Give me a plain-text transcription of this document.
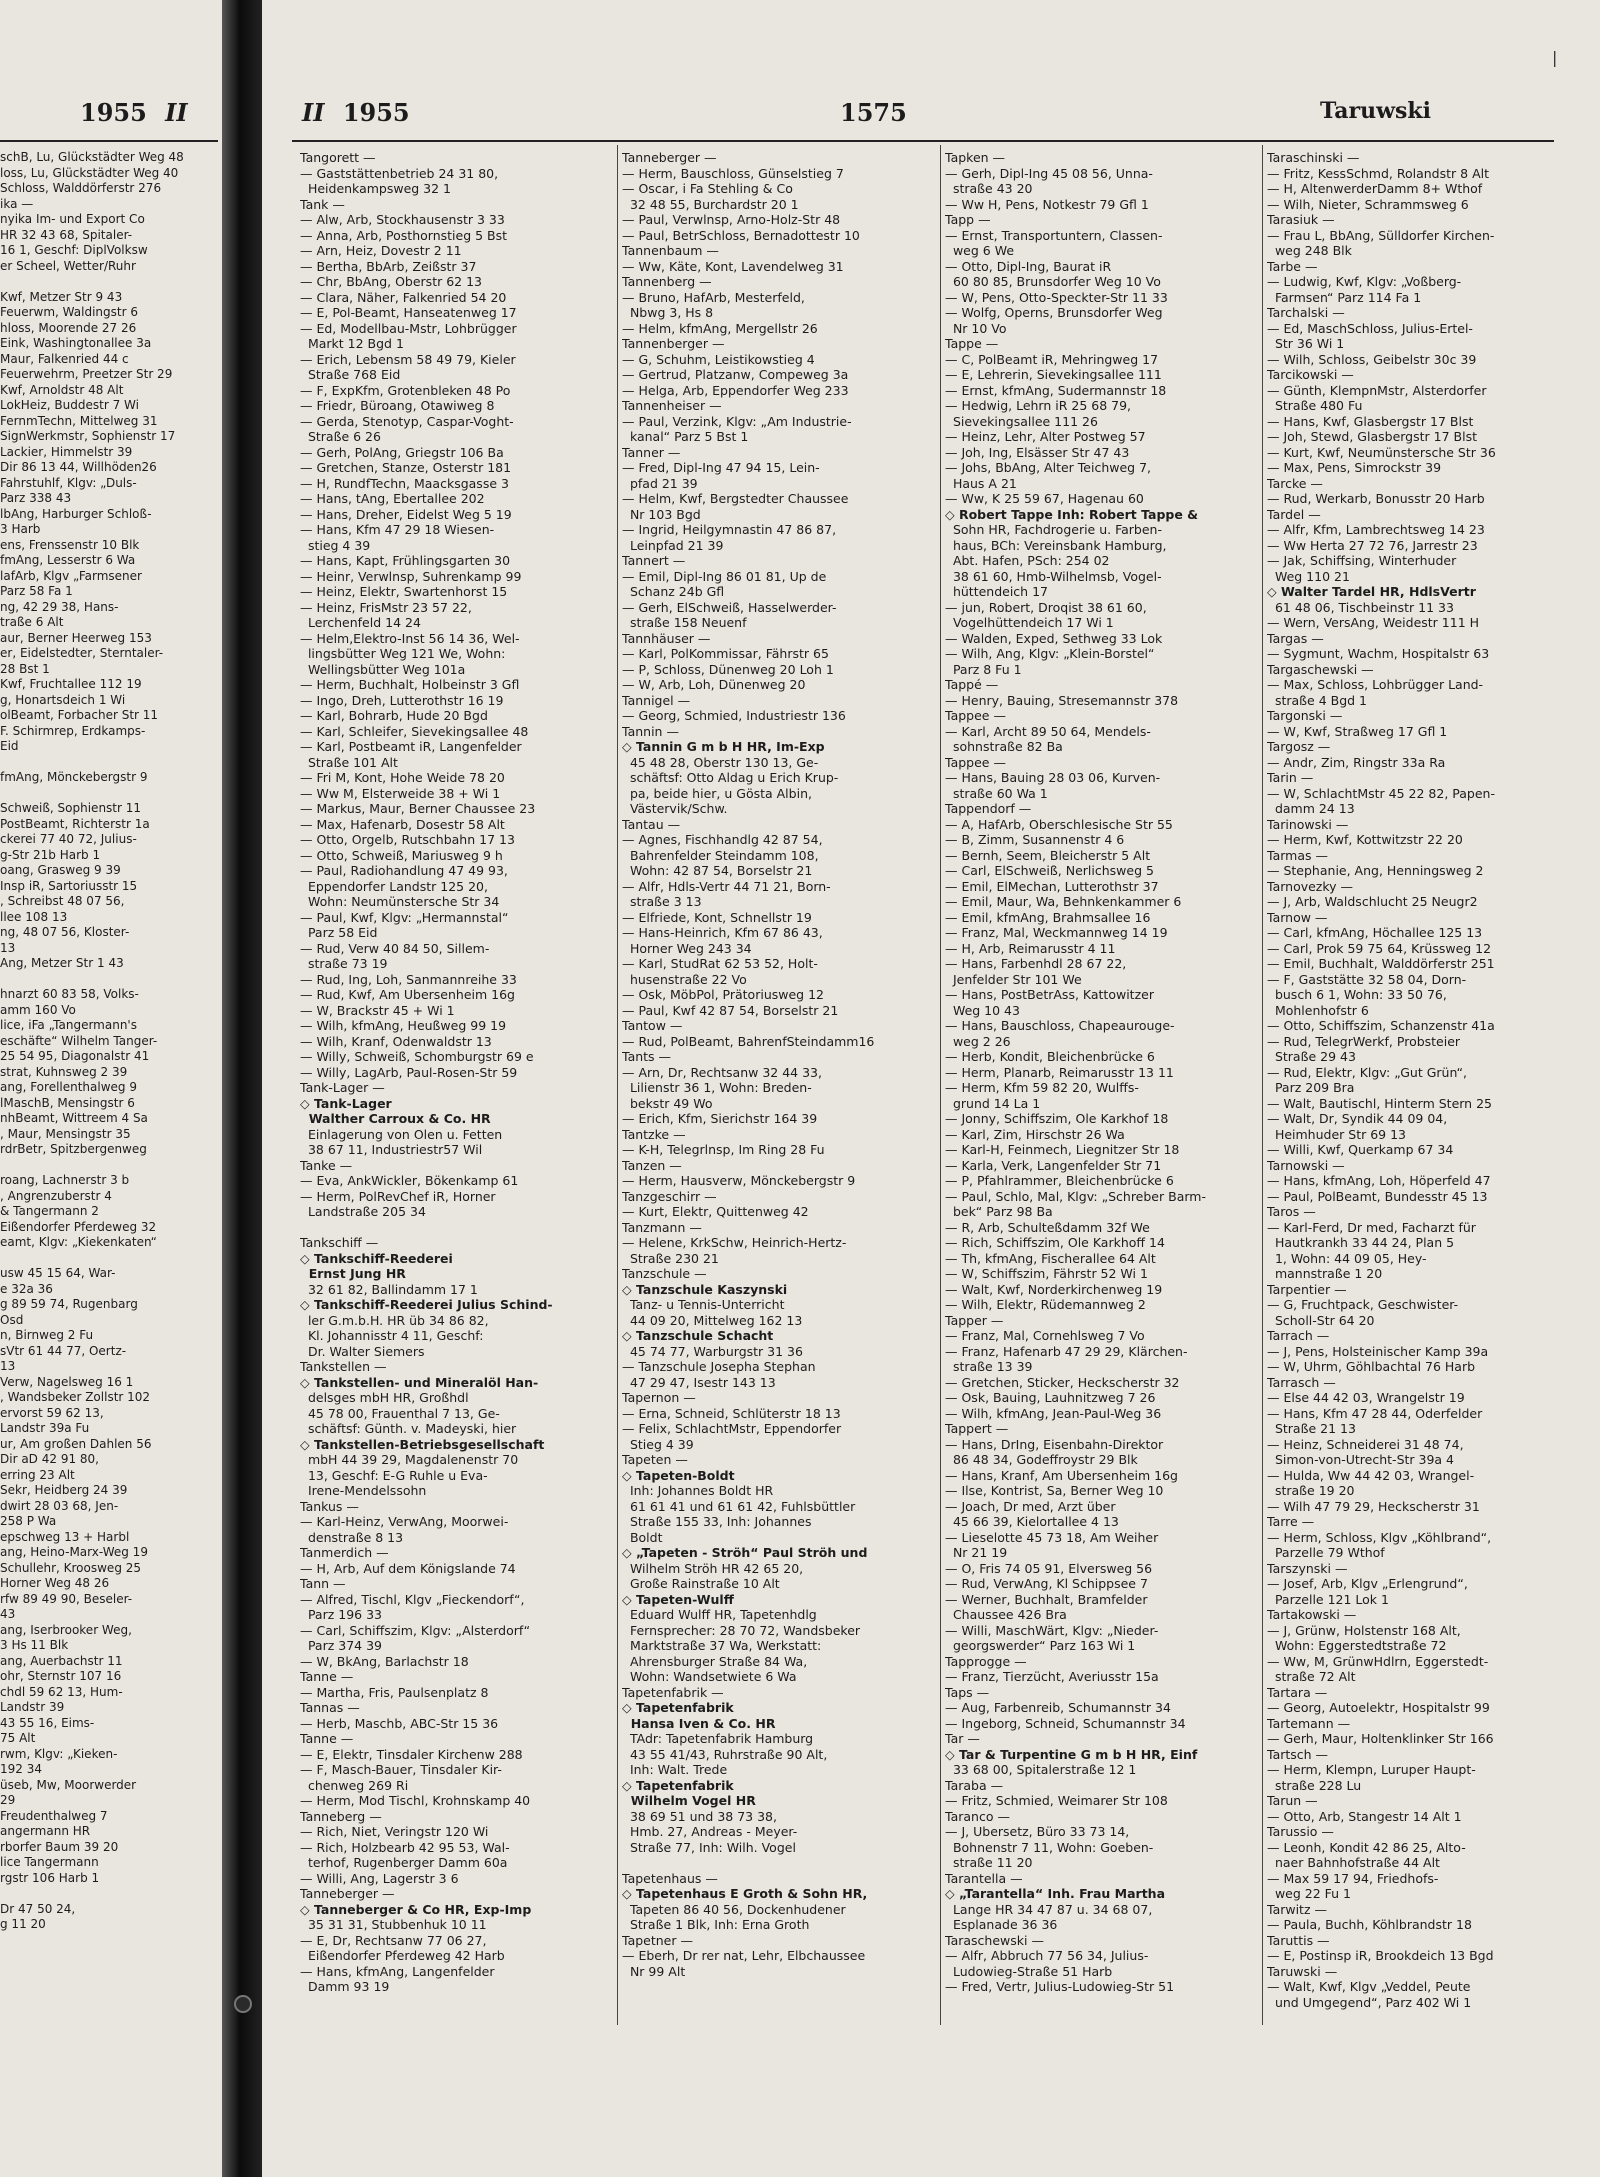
1955 II
schB, Lu, Glückstädter Weg 48
loss, Lu, Glückstädter Weg 40
Schloss, Walddörferstr 276
ika —
nyika Im- und Export Co
HR 32 43 68, Spitaler-
16 1, Geschf: DiplVolksw
er Scheel, Wetter/Ruhr
Kwf, Metzer Str 9 43
Feuerwm, Waldingstr 6
hloss, Moorende 27 26
Eink, Washingtonallee 3a
Maur, Falkenried 44 c
Feuerwehrm, Preetzer Str 29
Kwf, Arnoldstr 48 Alt
LokHeiz, Buddestr 7 Wi
FernmTechn, Mittelweg 31
SignWerkmstr, Sophienstr 17
Lackier, Himmelstr 39
Dir 86 13 44, Willhöden26
Fahrstuhlf, Klgv: „Duls-
Parz 338 43
lbAng, Harburger Schloß-
3 Harb
ens, Frenssenstr 10 Blk
fmAng, Lesserstr 6 Wa
lafArb, Klgv „Farmsener
Parz 58 Fa 1
ng, 42 29 38, Hans-
traße 6 Alt
aur, Berner Heerweg 153
er, Eidelstedter, Sterntaler-
28 Bst 1
Kwf, Fruchtallee 112 19
g, Honartsdeich 1 Wi
olBeamt, Forbacher Str 11
F. Schirmrep, Erdkamps-
Eid
fmAng, Mönckebergstr 9
Schweiß, Sophienstr 11
PostBeamt, Richterstr 1a
ckerei 77 40 72, Julius-
g-Str 21b Harb 1
oang, Grasweg 9 39
Insp iR, Sartoriusstr 15
, Schreibst 48 07 56,
llee 108 13
ng, 48 07 56, Kloster-
13
Ang, Metzer Str 1 43
hnarzt 60 83 58, Volks-
amm 160 Vo
lice, iFa „Tangermann's
eschäfte“ Wilhelm Tanger-
25 54 95, Diagonalstr 41
strat, Kuhnsweg 2 39
ang, Forellenthalweg 9
lMaschB, Mensingstr 6
nhBeamt, Wittreem 4 Sa
, Maur, Mensingstr 35
rdrBetr, Spitzbergenweg
roang, Lachnerstr 3 b
, Angrenzuberstr 4
& Tangermann 2
Eißendorfer Pferdeweg 32
eamt, Klgv: „Kiekenkaten“
usw 45 15 64, War-
e 32a 36
g 89 59 74, Rugenbarg
Osd
n, Birnweg 2 Fu
sVtr 61 44 77, Oertz-
13
Verw, Nagelsweg 16 1
, Wandsbeker Zollstr 102
ervorst 59 62 13,
Landstr 39a Fu
ur, Am großen Dahlen 56
Dir aD 42 91 80,
erring 23 Alt
Sekr, Heidberg 24 39
dwirt 28 03 68, Jen-
258 P Wa
epschweg 13 + Harbl
ang, Heino-Marx-Weg 19
Schullehr, Kroosweg 25
Horner Weg 48 26
rfw 89 49 90, Beseler-
43
ang, Iserbrooker Weg,
3 Hs 11 Blk
ang, Auerbachstr 11
ohr, Sternstr 107 16
chdl 59 62 13, Hum-
Landstr 39
43 55 16, Eims-
75 Alt
rwm, Klgv: „Kieken-
192 34
üseb, Mw, Moorwerder
29
Freudenthalweg 7
angermann HR
rborfer Baum 39 20
lice Tangermann
rgstr 106 Harb 1
Dr 47 50 24,
g 11 20
II 1955	1575	Taruwski
Tangorett —
— Gaststättenbetrieb 24 31 80,
Heidenkampsweg 32 1
Tank —
— Alw, Arb, Stockhausenstr 3 33
— Anna, Arb, Posthornstieg 5 Bst
— Arn, Heiz, Dovestr 2 11
— Bertha, BbArb, Zeißstr 37
— Chr, BbAng, Oberstr 62 13
— Clara, Näher, Falkenried 54 20
— E, Pol-Beamt, Hanseatenweg 17
— Ed, Modellbau-Mstr, Lohbrügger
Markt 12 Bgd 1
— Erich, Lebensm 58 49 79, Kieler
Straße 768 Eid
— F, ExpKfm, Grotenbleken 48 Po
— Friedr, Büroang, Otawiweg 8
— Gerda, Stenotyp, Caspar-Voght-
Straße 6 26
— Gerh, PolAng, Griegstr 106 Ba
— Gretchen, Stanze, Osterstr 181
— H, RundfTechn, Maacksgasse 3
— Hans, tAng, Ebertallee 202
— Hans, Dreher, Eidelst Weg 5 19
— Hans, Kfm 47 29 18 Wiesen-
stieg 4 39
— Hans, Kapt, Frühlingsgarten 30
— Heinr, Verwlnsp, Suhrenkamp 99
— Heinz, Elektr, Swartenhorst 15
— Heinz, FrisMstr 23 57 22,
Lerchenfeld 14 24
— Helm,Elektro-Inst 56 14 36, Wel-
lingsbütter Weg 121 We, Wohn:
Wellingsbütter Weg 101a
— Herm, Buchhalt, Holbeinstr 3 Gfl
— Ingo, Dreh, Lutterothstr 16 19
— Karl, Bohrarb, Hude 20 Bgd
— Karl, Schleifer, Sievekingsallee 48
— Karl, Postbeamt iR, Langenfelder
Straße 101 Alt
— Fri M, Kont, Hohe Weide 78 20
— Ww M, Elsterweide 38 + Wi 1
— Markus, Maur, Berner Chaussee 23
— Max, Hafenarb, Dosestr 58 Alt
— Otto, Orgelb, Rutschbahn 17 13
— Otto, Schweiß, Mariusweg 9 h
— Paul, Radiohandlung 47 49 93,
Eppendorfer Landstr 125 20,
Wohn: Neumünstersche Str 34
— Paul, Kwf, Klgv: „Hermannstal“
Parz 58 Eid
— Rud, Verw 40 84 50, Sillem-
straße 73 19
— Rud, Ing, Loh, Sanmannreihe 33
— Rud, Kwf, Am Ubersenheim 16g
— W, Brackstr 45 + Wi 1
— Wilh, kfmAng, Heußweg 99 19
— Wilh, Kranf, Odenwaldstr 13
— Willy, Schweiß, Schomburgstr 69 e
— Willy, LagArb, Paul-Rosen-Str 59
Tank-Lager —
◇ Tank-Lager
Walther Carroux & Co. HR
Einlagerung von Olen u. Fetten
38 67 11, Industriestr57 Wil
Tanke —
— Eva, AnkWickler, Bökenkamp 61
— Herm, PolRevChef iR, Horner
Landstraße 205 34
Tankschiff —
◇ Tankschiff-Reederei
Ernst Jung HR
32 61 82, Ballindamm 17 1
◇ Tankschiff-Reederei Julius Schind-
ler G.m.b.H. HR üb 34 86 82,
Kl. Johannisstr 4 11, Geschf:
Dr. Walter Siemers
Tankstellen —
◇ Tankstellen- und Mineralöl Han-
delsges mbH HR, Großhdl
45 78 00, Frauenthal 7 13, Ge-
schäftsf: Günth. v. Madeyski, hier
◇ Tankstellen-Betriebsgesellschaft
mbH 44 39 29, Magdalenenstr 70
13, Geschf: E-G Ruhle u Eva-
Irene-Mendelssohn
Tankus —
— Karl-Heinz, VerwAng, Moorwei-
denstraße 8 13
Tanmerdich —
— H, Arb, Auf dem Königslande 74
Tann —
— Alfred, Tischl, Klgv „Fieckendorf“,
Parz 196 33
— Carl, Schiffszim, Klgv: „Alsterdorf“
Parz 374 39
— W, BkAng, Barlachstr 18
Tanne —
— Martha, Fris, Paulsenplatz 8
Tannas —
— Herb, Maschb, ABC-Str 15 36
Tanne —
— E, Elektr, Tinsdaler Kirchenw 288
— F, Masch-Bauer, Tinsdaler Kir-
chenweg 269 Ri
— Herm, Mod Tischl, Krohnskamp 40
Tanneberg —
— Rich, Niet, Veringstr 120 Wi
— Rich, Holzbearb 42 95 53, Wal-
terhof, Rugenberger Damm 60a
— Willi, Ang, Lagerstr 3 6
Tanneberger —
◇ Tanneberger & Co HR, Exp-Imp
35 31 31, Stubbenhuk 10 11
— E, Dr, Rechtsanw 77 06 27,
Eißendorfer Pferdeweg 42 Harb
— Hans, kfmAng, Langenfelder
Damm 93 19
Tanneberger —
— Herm, Bauschloss, Günselstieg 7
— Oscar, i Fa Stehling & Co
32 48 55, Burchardstr 20 1
— Paul, Verwlnsp, Arno-Holz-Str 48
— Paul, BetrSchloss, Bernadottestr 10
Tannenbaum —
— Ww, Käte, Kont, Lavendelweg 31
Tannenberg —
— Bruno, HafArb, Mesterfeld,
Nbwg 3, Hs 8
— Helm, kfmAng, Mergellstr 26
Tannenberger —
— G, Schuhm, Leistikowstieg 4
— Gertrud, Platzanw, Compeweg 3a
— Helga, Arb, Eppendorfer Weg 233
Tannenheiser —
— Paul, Verzink, Klgv: „Am Industrie-
kanal“ Parz 5 Bst 1
Tanner —
— Fred, Dipl-Ing 47 94 15, Lein-
pfad 21 39
— Helm, Kwf, Bergstedter Chaussee
Nr 103 Bgd
— Ingrid, Heilgymnastin 47 86 87,
Leinpfad 21 39
Tannert —
— Emil, Dipl-Ing 86 01 81, Up de
Schanz 24b Gfl
— Gerh, ElSchweiß, Hasselwerder-
straße 158 Neuenf
Tannhäuser —
— Karl, PolKommissar, Fährstr 65
— P, Schloss, Dünenweg 20 Loh 1
— W, Arb, Loh, Dünenweg 20
Tannigel —
— Georg, Schmied, Industriestr 136
Tannin —
◇ Tannin G m b H HR, Im-Exp
45 48 28, Oberstr 130 13, Ge-
schäftsf: Otto Aldag u Erich Krup-
pa, beide hier, u Gösta Albin,
Västervik/Schw.
Tantau —
— Agnes, Fischhandlg 42 87 54,
Bahrenfelder Steindamm 108,
Wohn: 42 87 54, Borselstr 21
— Alfr, Hdls-Vertr 44 71 21, Born-
straße 3 13
— Elfriede, Kont, Schnellstr 19
— Hans-Heinrich, Kfm 67 86 43,
Horner Weg 243 34
— Karl, StudRat 62 53 52, Holt-
husenstraße 22 Vo
— Osk, MöbPol, Prätoriusweg 12
— Paul, Kwf 42 87 54, Borselstr 21
Tantow —
— Rud, PolBeamt, BahrenfSteindamm16
Tants —
— Arn, Dr, Rechtsanw 32 44 33,
Lilienstr 36 1, Wohn: Breden-
bekstr 49 Wo
— Erich, Kfm, Sierichstr 164 39
Tantzke —
— K-H, Telegrlnsp, Im Ring 28 Fu
Tanzen —
— Herm, Hausverw, Mönckebergstr 9
Tanzgeschirr —
— Kurt, Elektr, Quittenweg 42
Tanzmann —
— Helene, KrkSchw, Heinrich-Hertz-
Straße 230 21
Tanzschule —
◇ Tanzschule Kaszynski
Tanz- u Tennis-Unterricht
44 09 20, Mittelweg 162 13
◇ Tanzschule Schacht
45 74 77, Warburgstr 31 36
— Tanzschule Josepha Stephan
47 29 47, Isestr 143 13
Tapernon —
— Erna, Schneid, Schlüterstr 18 13
— Felix, SchlachtMstr, Eppendorfer
Stieg 4 39
Tapeten —
◇ Tapeten-Boldt
Inh: Johannes Boldt HR
61 61 41 und 61 61 42, Fuhlsbüttler
Straße 155 33, Inh: Johannes
Boldt
◇ „Tapeten - Ströh“ Paul Ströh und
Wilhelm Ströh HR 42 65 20,
Große Rainstraße 10 Alt
◇ Tapeten-Wulff
Eduard Wulff HR, Tapetenhdlg
Fernsprecher: 28 70 72, Wandsbeker
Marktstraße 37 Wa, Werkstatt:
Ahrensburger Straße 84 Wa,
Wohn: Wandsetwiete 6 Wa
Tapetenfabrik —
◇ Tapetenfabrik
Hansa Iven & Co. HR
TAdr: Tapetenfabrik Hamburg
43 55 41/43, Ruhrstraße 90 Alt,
Inh: Walt. Trede
◇ Tapetenfabrik
Wilhelm Vogel HR
38 69 51 und 38 73 38,
Hmb. 27, Andreas - Meyer-
Straße 77, Inh: Wilh. Vogel
Tapetenhaus —
◇ Tapetenhaus E Groth & Sohn HR,
Tapeten 86 40 56, Dockenhudener
Straße 1 Blk, Inh: Erna Groth
Tapetner —
— Eberh, Dr rer nat, Lehr, Elbchaussee
Nr 99 Alt
Tapken —
— Gerh, Dipl-Ing 45 08 56, Unna-
straße 43 20
— Ww H, Pens, Notkestr 79 Gfl 1
Tapp —
— Ernst, Transportuntern, Classen-
weg 6 We
— Otto, Dipl-Ing, Baurat iR
60 80 85, Brunsdorfer Weg 10 Vo
— W, Pens, Otto-Speckter-Str 11 33
— Wolfg, Operns, Brunsdorfer Weg
Nr 10 Vo
Tappe —
— C, PolBeamt iR, Mehringweg 17
— E, Lehrerin, Sievekingsallee 111
— Ernst, kfmAng, Sudermannstr 18
— Hedwig, Lehrn iR 25 68 79,
Sievekingsallee 111 26
— Heinz, Lehr, Alter Postweg 57
— Joh, Ing, Elsässer Str 47 43
— Johs, BbAng, Alter Teichweg 7,
Haus A 21
— Ww, K 25 59 67, Hagenau 60
◇ Robert Tappe Inh: Robert Tappe &
Sohn HR, Fachdrogerie u. Farben-
haus, BCh: Vereinsbank Hamburg,
Abt. Hafen, PSch: 254 02
38 61 60, Hmb-Wilhelmsb, Vogel-
hüttendeich 17
— jun, Robert, Droqist 38 61 60,
Vogelhüttendeich 17 Wi 1
— Walden, Exped, Sethweg 33 Lok
— Wilh, Ang, Klgv: „Klein-Borstel“
Parz 8 Fu 1
Tappé —
— Henry, Bauing, Stresemannstr 378
Tappee —
— Karl, Archt 89 50 64, Mendels-
sohnstraße 82 Ba
Tappee —
— Hans, Bauing 28 03 06, Kurven-
straße 60 Wa 1
Tappendorf —
— A, HafArb, Oberschlesische Str 55
— B, Zimm, Susannenstr 4 6
— Bernh, Seem, Bleicherstr 5 Alt
— Carl, ElSchweiß, Nerlichsweg 5
— Emil, ElMechan, Lutterothstr 37
— Emil, Maur, Wa, Behnkenkammer 6
— Emil, kfmAng, Brahmsallee 16
— Franz, Mal, Weckmannweg 14 19
— H, Arb, Reimarusstr 4 11
— Hans, Farbenhdl 28 67 22,
Jenfelder Str 101 We
— Hans, PostBetrAss, Kattowitzer
Weg 10 43
— Hans, Bauschloss, Chapeaurouge-
weg 2 26
— Herb, Kondit, Bleichenbrücke 6
— Herm, Planarb, Reimarusstr 13 11
— Herm, Kfm 59 82 20, Wulffs-
grund 14 La 1
— Jonny, Schiffszim, Ole Karkhof 18
— Karl, Zim, Hirschstr 26 Wa
— Karl-H, Feinmech, Liegnitzer Str 18
— Karla, Verk, Langenfelder Str 71
— P, Pfahlrammer, Bleichenbrücke 6
— Paul, Schlo, Mal, Klgv: „Schreber Barm-
bek“ Parz 98 Ba
— R, Arb, Schulteßdamm 32f We
— Rich, Schiffszim, Ole Karkhoff 14
— Th, kfmAng, Fischerallee 64 Alt
— W, Schiffszim, Fährstr 52 Wi 1
— Walt, Kwf, Norderkirchenweg 19
— Wilh, Elektr, Rüdemannweg 2
Tapper —
— Franz, Mal, Cornehlsweg 7 Vo
— Franz, Hafenarb 47 29 29, Klärchen-
straße 13 39
— Gretchen, Sticker, Heckscherstr 32
— Osk, Bauing, Lauhnitzweg 7 26
— Wilh, kfmAng, Jean-Paul-Weg 36
Tappert —
— Hans, DrIng, Eisenbahn-Direktor
86 48 34, Godeffroystr 29 Blk
— Hans, Kranf, Am Ubersenheim 16g
— Ilse, Kontrist, Sa, Berner Weg 10
— Joach, Dr med, Arzt über
45 66 39, Kielortallee 4 13
— Lieselotte 45 73 18, Am Weiher
Nr 21 19
— O, Fris 74 05 91, Elversweg 56
— Rud, VerwAng, Kl Schippsee 7
— Werner, Buchhalt, Bramfelder
Chaussee 426 Bra
— Willi, MaschWärt, Klgv: „Nieder-
georgswerder“ Parz 163 Wi 1
Tapprogge —
— Franz, Tierzücht, Averiusstr 15a
Taps —
— Aug, Farbenreib, Schumannstr 34
— Ingeborg, Schneid, Schumannstr 34
Tar —
◇ Tar & Turpentine G m b H HR, Einf
33 68 00, Spitalerstraße 12 1
Taraba —
— Fritz, Schmied, Weimarer Str 108
Taranco —
— J, Ubersetz, Büro 33 73 14,
Bohnenstr 7 11, Wohn: Goeben-
straße 11 20
Tarantella —
◇ „Tarantella“ Inh. Frau Martha
Lange HR 34 47 87 u. 34 68 07,
Esplanade 36 36
Taraschewski —
— Alfr, Abbruch 77 56 34, Julius-
Ludowieg-Straße 51 Harb
— Fred, Vertr, Julius-Ludowieg-Str 51
Taraschinski —
— Fritz, KessSchmd, Rolandstr 8 Alt
— H, AltenwerderDamm 8+ Wthof
— Wilh, Nieter, Schrammsweg 6
Tarasiuk —
— Frau L, BbAng, Sülldorfer Kirchen-
weg 248 Blk
Tarbe —
— Ludwig, Kwf, Klgv: „Voßberg-
Farmsen“ Parz 114 Fa 1
Tarchalski —
— Ed, MaschSchloss, Julius-Ertel-
Str 36 Wi 1
— Wilh, Schloss, Geibelstr 30c 39
Tarcikowski —
— Günth, KlempnMstr, Alsterdorfer
Straße 480 Fu
— Hans, Kwf, Glasbergstr 17 Blst
— Joh, Stewd, Glasbergstr 17 Blst
— Kurt, Kwf, Neumünstersche Str 36
— Max, Pens, Simrockstr 39
Tarcke —
— Rud, Werkarb, Bonusstr 20 Harb
Tardel —
— Alfr, Kfm, Lambrechtsweg 14 23
— Ww Herta 27 72 76, Jarrestr 23
— Jak, Schiffsing, Winterhuder
Weg 110 21
◇ Walter Tardel HR, HdlsVertr
61 48 06, Tischbeinstr 11 33
— Wern, VersAng, Weidestr 111 H
Targas —
— Sygmunt, Wachm, Hospitalstr 63
Targaschewski —
— Max, Schloss, Lohbrügger Land-
straße 4 Bgd 1
Targonski —
— W, Kwf, Straßweg 17 Gfl 1
Targosz —
— Andr, Zim, Ringstr 33a Ra
Tarin —
— W, SchlachtMstr 45 22 82, Papen-
damm 24 13
Tarinowski —
— Herm, Kwf, Kottwitzstr 22 20
Tarmas —
— Stephanie, Ang, Henningsweg 2
Tarnovezky —
— J, Arb, Waldschlucht 25 Neugr2
Tarnow —
— Carl, kfmAng, Höchallee 125 13
— Carl, Prok 59 75 64, Krüssweg 12
— Emil, Buchhalt, Walddörferstr 251
— F, Gaststätte 32 58 04, Dorn-
busch 6 1, Wohn: 33 50 76,
Mohlenhofstr 6
— Otto, Schiffszim, Schanzenstr 41a
— Rud, TelegrWerkf, Probsteier
Straße 29 43
— Rud, Elektr, Klgv: „Gut Grün“,
Parz 209 Bra
— Walt, Bautischl, Hinterm Stern 25
— Walt, Dr, Syndik 44 09 04,
Heimhuder Str 69 13
— Willi, Kwf, Querkamp 67 34
Tarnowski —
— Hans, kfmAng, Loh, Höperfeld 47
— Paul, PolBeamt, Bundesstr 45 13
Taros —
— Karl-Ferd, Dr med, Facharzt für
Hautkrankh 33 44 24, Plan 5
1, Wohn: 44 09 05, Hey-
mannstraße 1 20
Tarpentier —
— G, Fruchtpack, Geschwister-
Scholl-Str 64 20
Tarrach —
— J, Pens, Holsteinischer Kamp 39a
— W, Uhrm, Göhlbachtal 76 Harb
Tarrasch —
— Else 44 42 03, Wrangelstr 19
— Hans, Kfm 47 28 44, Oderfelder
Straße 21 13
— Heinz, Schneiderei 31 48 74,
Simon-von-Utrecht-Str 39a 4
— Hulda, Ww 44 42 03, Wrangel-
straße 19 20
— Wilh 47 79 29, Heckscherstr 31
Tarre —
— Herm, Schloss, Klgv „Köhlbrand“,
Parzelle 79 Wthof
Tarszynski —
— Josef, Arb, Klgv „Erlengrund“,
Parzelle 121 Lok 1
Tartakowski —
— J, Grünw, Holstenstr 168 Alt,
Wohn: Eggerstedtstraße 72
— Ww, M, GrünwHdlrn, Eggerstedt-
straße 72 Alt
Tartara —
— Georg, Autoelektr, Hospitalstr 99
Tartemann —
— Gerh, Maur, Holtenklinker Str 166
Tartsch —
— Herm, Klempn, Luruper Haupt-
straße 228 Lu
Tarun —
— Otto, Arb, Stangestr 14 Alt 1
Tarussio —
— Leonh, Kondit 42 86 25, Alto-
naer Bahnhofstraße 44 Alt
— Max 59 17 94, Friedhofs-
weg 22 Fu 1
Tarwitz —
— Paula, Buchh, Köhlbrandstr 18
Taruttis —
— E, Postinsp iR, Brookdeich 13 Bgd
Taruwski —
— Walt, Kwf, Klgv „Veddel, Peute
und Umgegend“, Parz 402 Wi 1
|
